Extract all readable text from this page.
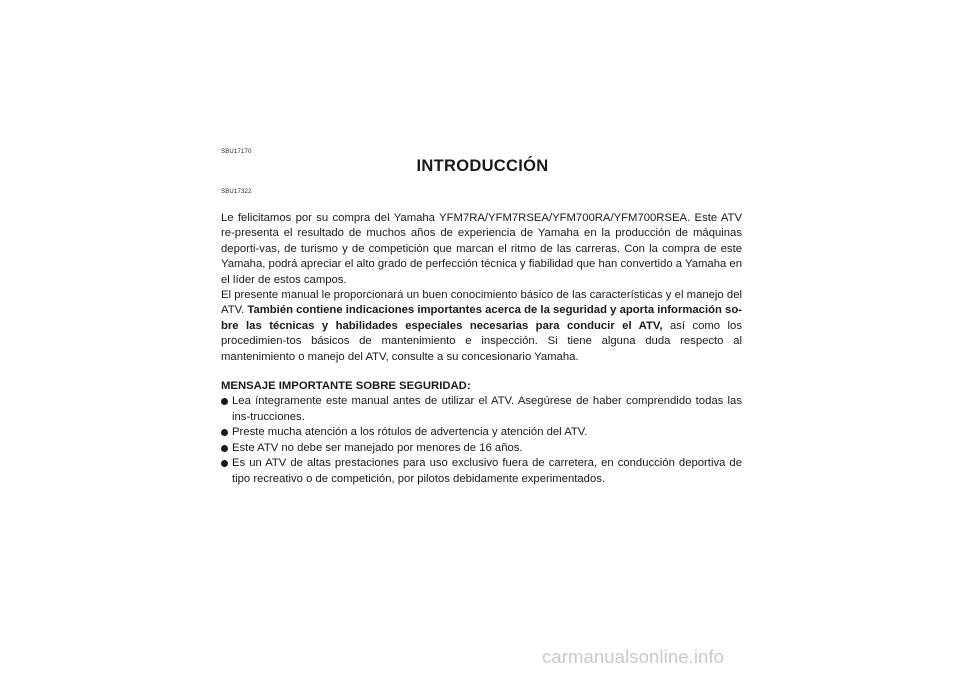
SBU17170
INTRODUCCIÓN
SBU17322

Le felicitamos por su compra del Yamaha YFM7RA/YFM7RSEA/YFM700RA/YFM700RSEA. Este ATV re-presenta el resultado de muchos años de experiencia de Yamaha en la producción de máquinas deporti-vas, de turismo y de competición que marcan el ritmo de las carreras. Con la compra de este Yamaha, podrá apreciar el alto grado de perfección técnica y fiabilidad que han convertido a Yamaha en el líder de estos campos.

El presente manual le proporcionará un buen conocimiento básico de las características y el manejo del ATV. También contiene indicaciones importantes acerca de la seguridad y aporta información so-bre las técnicas y habilidades especiales necesarias para conducir el ATV, así como los procedimien-tos básicos de mantenimiento e inspección. Si tiene alguna duda respecto al mantenimiento o manejo del ATV, consulte a su concesionario Yamaha.

MENSAJE IMPORTANTE SOBRE SEGURIDAD:
Lea íntegramente este manual antes de utilizar el ATV. Asegúrese de haber comprendido todas las ins-trucciones.
Preste mucha atención a los rótulos de advertencia y atención del ATV.
Este ATV no debe ser manejado por menores de 16 años.
Es un ATV de altas prestaciones para uso exclusivo fuera de carretera, en conducción deportiva de tipo recreativo o de competición, por pilotos debidamente experimentados.
carmanualsonline.info
